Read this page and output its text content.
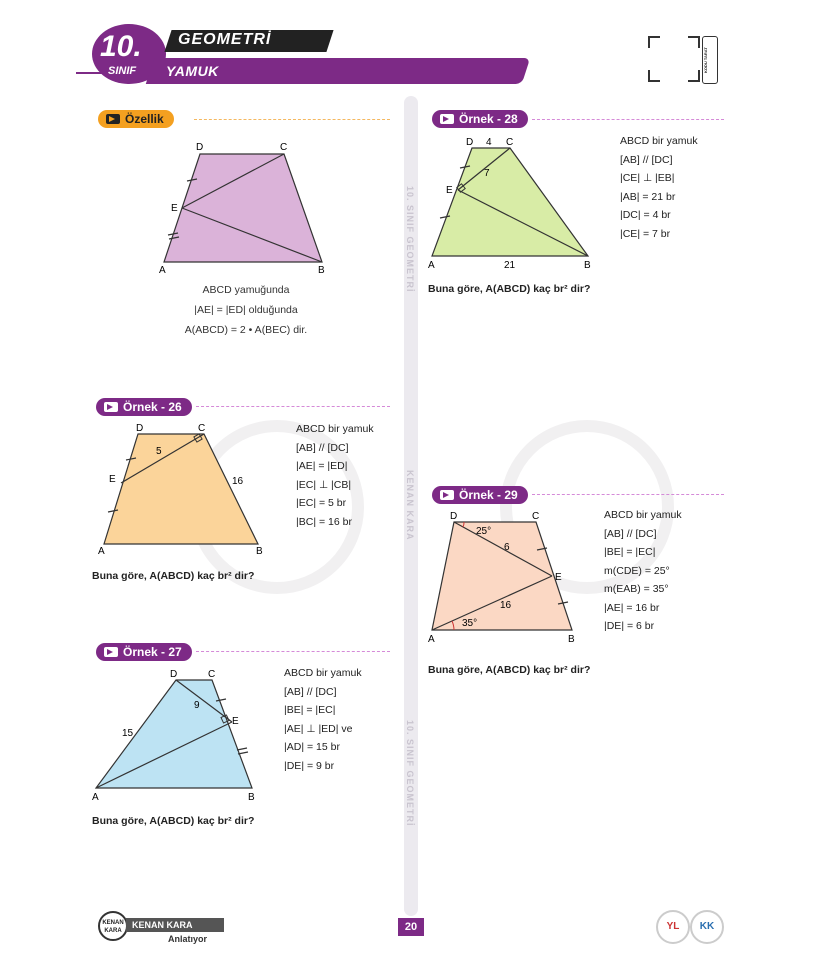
10.
SINIF
GEOMETRİ
YAMUK	KODU TARAT
10. SINIF GEOMETRİ
KENAN KARA
10. SINIF GEOMETRİ
Özellik
D	C
E
A	B
ABCD yamuğunda
|AE| = |ED| olduğunda
A(ABCD) = 2 • A(BEC) dir.
Örnek - 26
D	C
E
A	B
5
16
ABCD bir yamuk
[AB] // [DC]
|AE| = |ED|
|EC| ⊥ |CB|
|EC| = 5 br
|BC| = 16 br
Buna göre, A(ABCD) kaç br² dir?
Örnek - 27
D	C
E
A	B
9
15
ABCD bir yamuk
[AB] // [DC]
|BE| = |EC|
|AE| ⊥ |ED| ve
|AD| = 15 br
|DE| = 9 br
Buna göre, A(ABCD) kaç br² dir?
Örnek - 28
D	C
E
A	B
4
7
21
ABCD bir yamuk
[AB] // [DC]
|CE| ⊥ |EB|
|AB| = 21 br
|DC| = 4 br
|CE| = 7 br
Buna göre, A(ABCD) kaç br² dir?
Örnek - 29
D	C
E
A	B
25°
6
16
35°
ABCD bir yamuk
[AB] // [DC]
|BE| = |EC|
m(CDE) = 25°
m(EAB) = 35°
|AE| = 16 br
|DE| = 6 br
Buna göre, A(ABCD) kaç br² dir?
KENAN KARA
KENAN KARA
Anlatıyor
20	YL	KK
